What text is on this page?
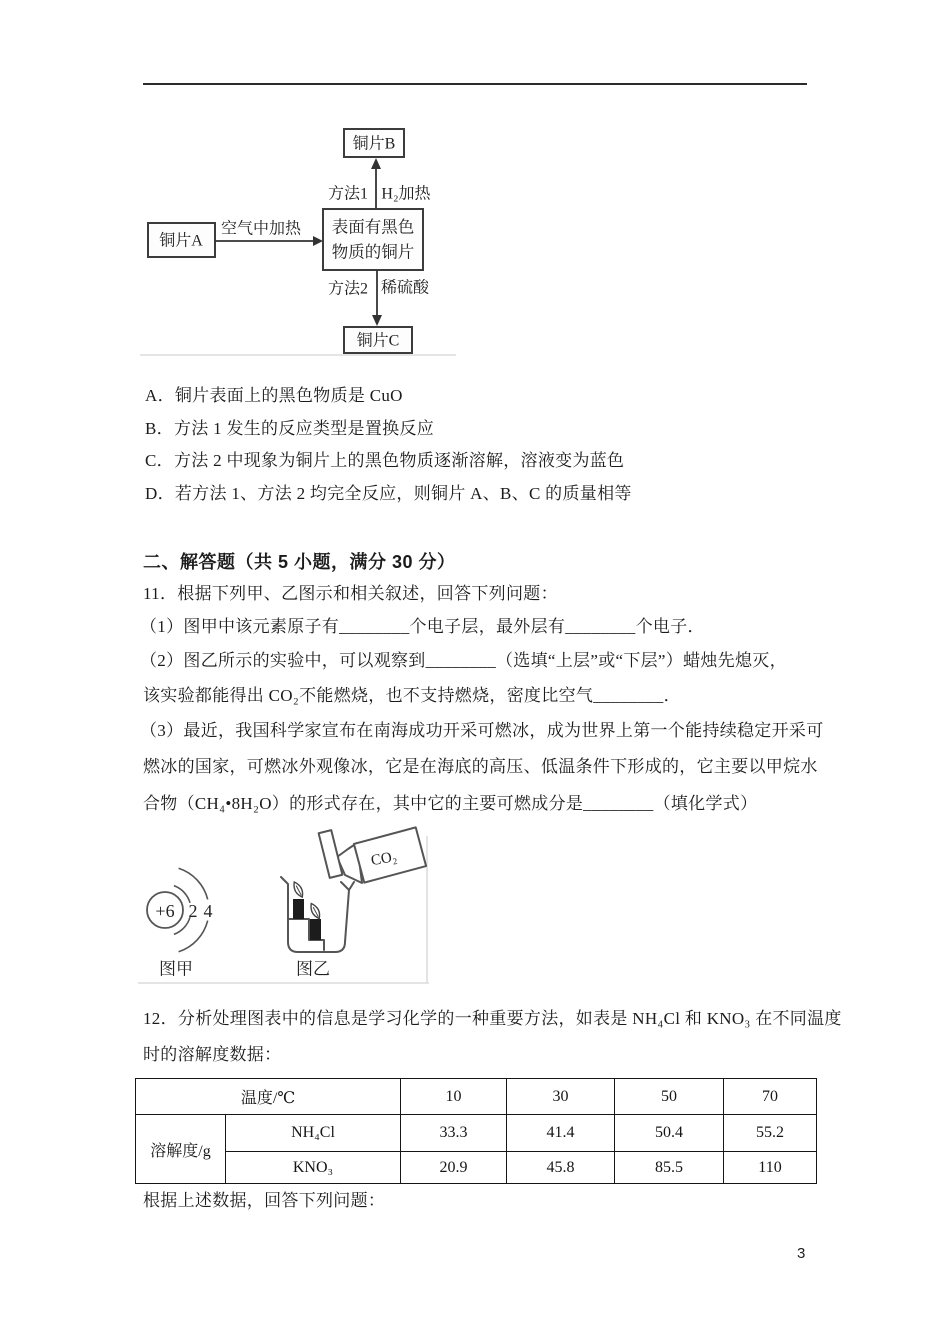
铜片B
方法1 H₂加热
铜片A
空气中加热 表面有黑色
物质的铜片
方法2 稀硫酸
铜片C
A．铜片表面上的黑色物质是 CuO
B．方法 1 发生的反应类型是置换反应
C．方法 2 中现象为铜片上的黑色物质逐渐溶解，溶液变为蓝色
D．若方法 1、方法 2 均完全反应，则铜片 A、B、C 的质量相等
二、解答题（共 5 小题，满分 30 分）
11．根据下列甲、乙图示和相关叙述，回答下列问题：
（1）图甲中该元素原子有________个电子层，最外层有________个电子．
（2）图乙所示的实验中，可以观察到________（选填“上层”或“下层”）蜡烛先熄灭，
该实验都能得出 CO₂不能燃烧，也不支持燃烧，密度比空气________．
（3）最近，我国科学家宣布在南海成功开采可燃冰，成为世界上第一个能持续稳定开采可
燃冰的国家，可燃冰外观像冰，它是在海底的高压、低温条件下形成的，它主要以甲烷水
合物（CH₄•8H₂O）的形式存在，其中它的主要可燃成分是________（填化学式）
+6 2 4
图甲
CO₂
图乙
12．分析处理图表中的信息是学习化学的一种重要方法，如表是 NH₄Cl 和 KNO₃ 在不同温度
时的溶解度数据：
温度/℃		10	30	50	70
溶解度/g	NH₄Cl	33.3	41.4	50.4	55.2
	KNO₃	20.9	45.8	85.5	110
根据上述数据，回答下列问题：
3
